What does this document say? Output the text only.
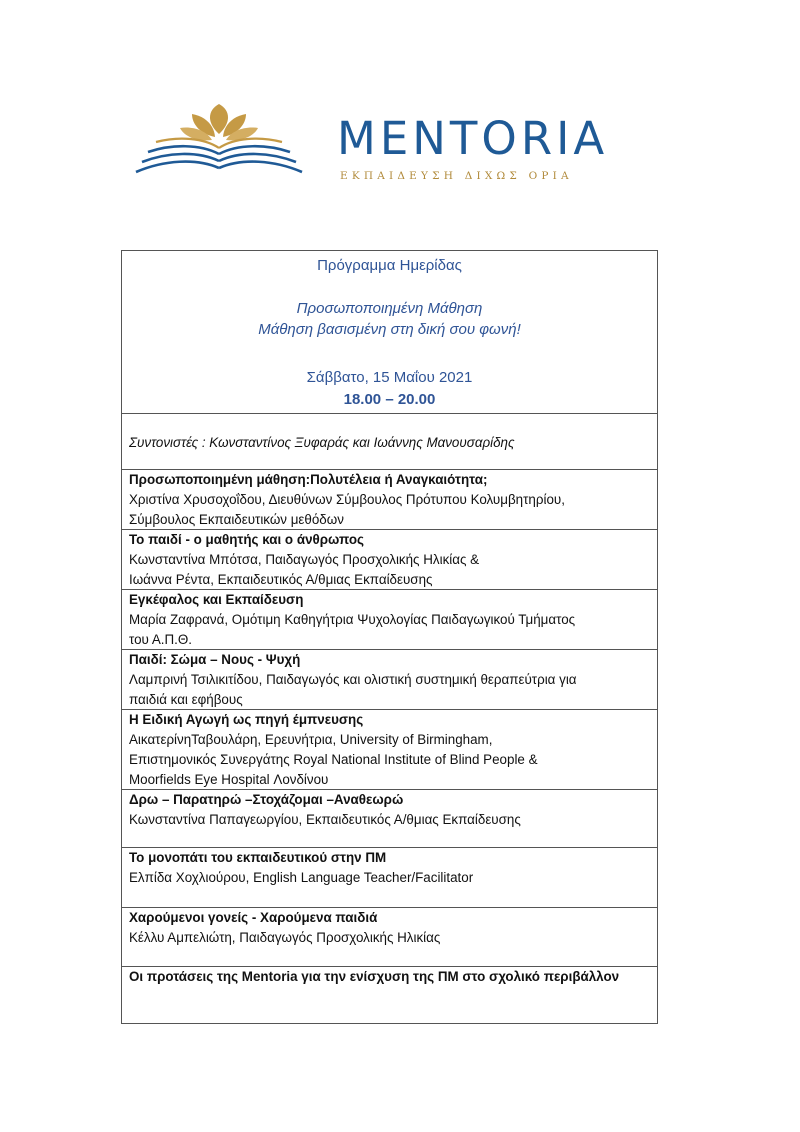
MENTORIA
ΕΚΠΑΙΔΕΥΣΗ ΔΙΧΩΣ ΟΡΙΑ
Πρόγραμμα Ημερίδας
Προσωποποιημένη Μάθηση
Μάθηση βασισμένη στη δική σου φωνή!
Σάββατο, 15 Μαΐου 2021
18.00 – 20.00
Συντονιστές : Κωνσταντίνος Ξυφαράς και Ιωάννης Μανουσαρίδης
Προσωποποιημένη μάθηση:Πολυτέλεια ή Αναγκαιότητα;
Χριστίνα Χρυσοχοΐδου, Διευθύνων Σύμβουλος Πρότυπου Κολυμβητηρίου,
Σύμβουλος Εκπαιδευτικών μεθόδων
Το παιδί - ο μαθητής και ο άνθρωπος
Κωνσταντίνα Μπότσα, Παιδαγωγός Προσχολικής Ηλικίας &
Ιωάννα Ρέντα, Εκπαιδευτικός Α/θμιας Εκπαίδευσης
Εγκέφαλος και Εκπαίδευση
Μαρία Ζαφρανά, Ομότιμη Καθηγήτρια Ψυχολογίας Παιδαγωγικού Τμήματος
του Α.Π.Θ.
Παιδί: Σώμα – Νους - Ψυχή
Λαμπρινή Τσιλικιτίδου, Παιδαγωγός και ολιστική συστημική θεραπεύτρια για
παιδιά και εφήβους
Η Ειδική Αγωγή ως πηγή έμπνευσης
ΑικατερίνηΤαβουλάρη, Ερευνήτρια, University of Birmingham,
Επιστημονικός Συνεργάτης Royal National Institute of Blind People &
Moorfields Eye Hospital Λονδίνου
Δρω – Παρατηρώ –Στοχάζομαι –Αναθεωρώ
Κωνσταντίνα Παπαγεωργίου, Εκπαιδευτικός Α/θμιας Εκπαίδευσης
Το μονοπάτι του εκπαιδευτικού στην ΠΜ
Ελπίδα Χοχλιούρου, English Language Teacher/Facilitator
Χαρούμενοι γονείς - Χαρούμενα παιδιά
Κέλλυ Αμπελιώτη, Παιδαγωγός Προσχολικής Ηλικίας
Οι προτάσεις της Mentoria για την ενίσχυση της ΠΜ στο σχολικό περιβάλλον
